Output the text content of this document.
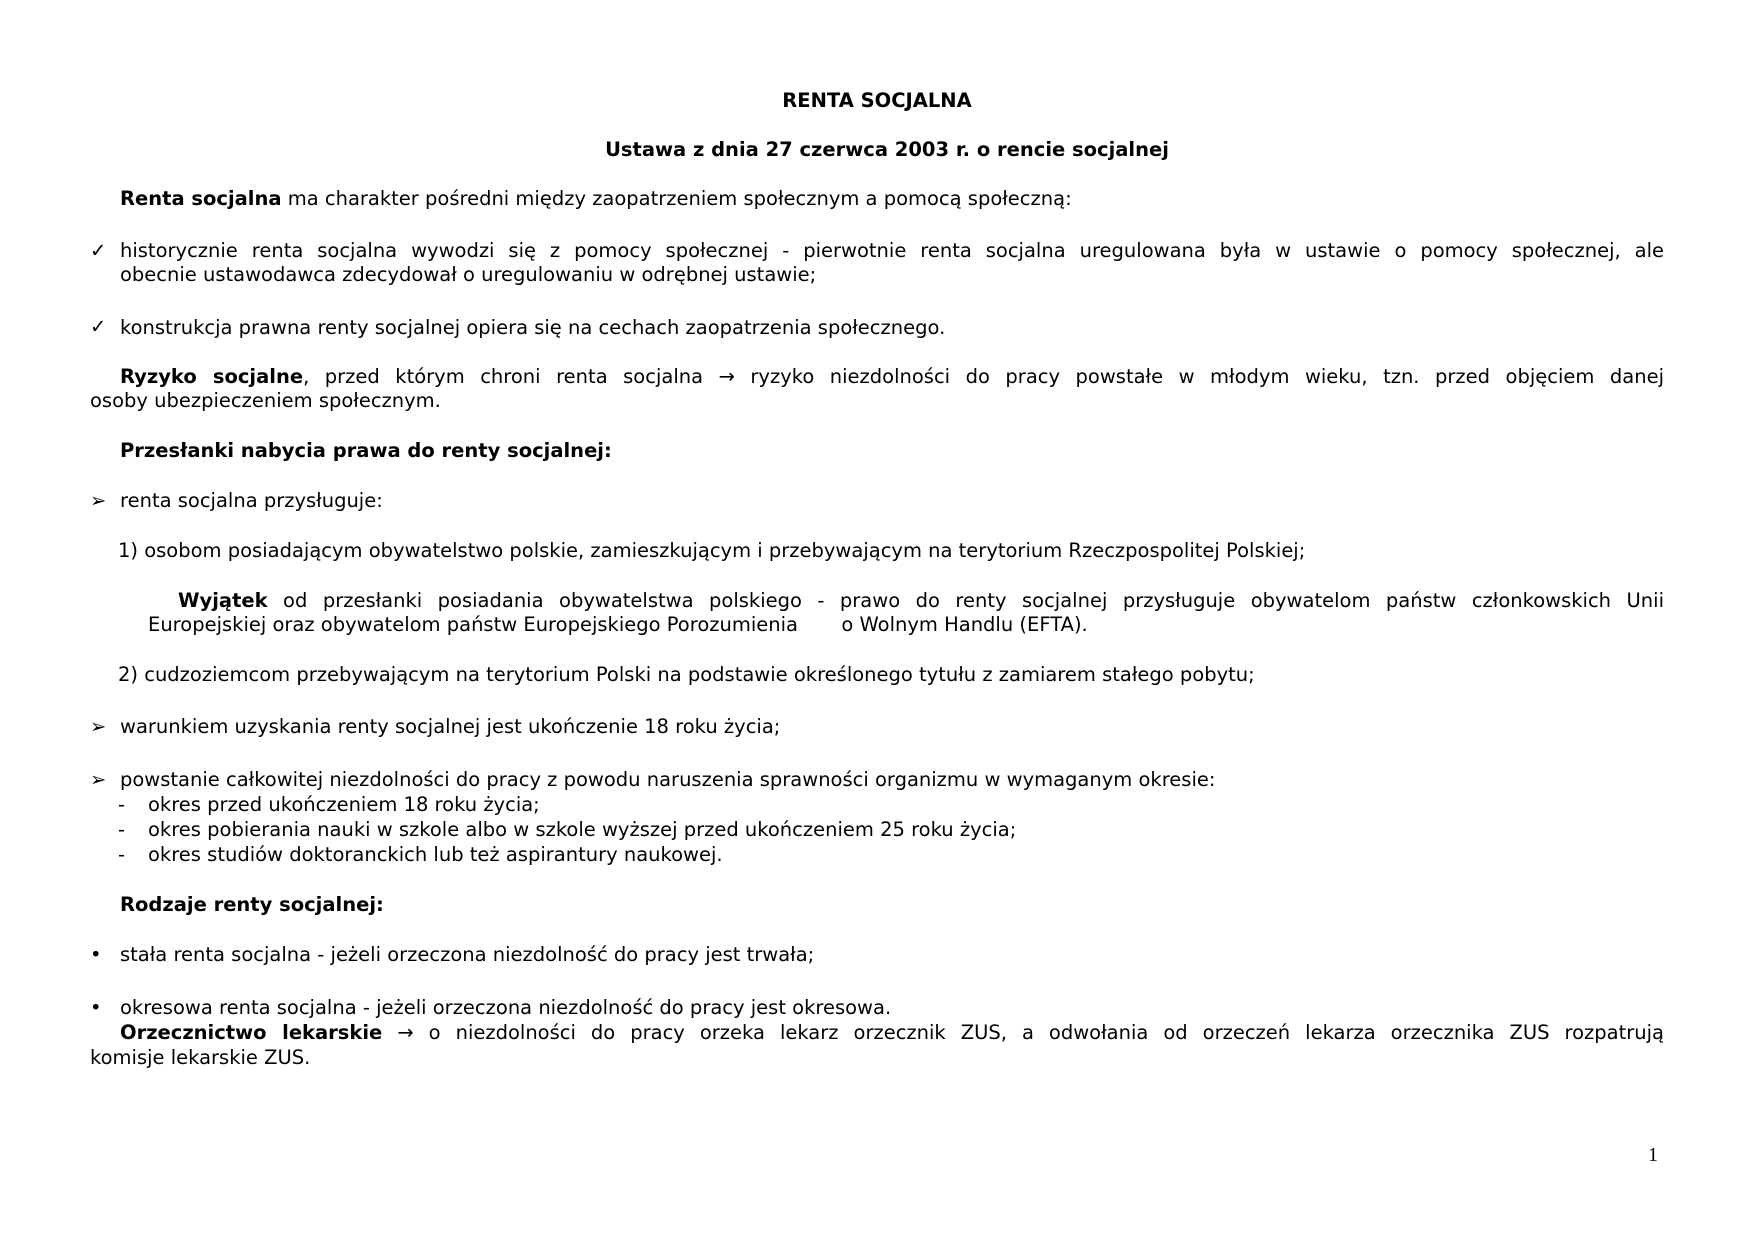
RENTA SOCJALNA
Ustawa z dnia 27 czerwca 2003 r. o rencie socjalnej
Renta socjalna ma charakter pośredni między zaopatrzeniem społecznym a pomocą społeczną:
✓ historycznie renta socjalna wywodzi się z pomocy społecznej - pierwotnie renta socjalna uregulowana była w ustawie o pomocy społecznej, ale
obecnie ustawodawca zdecydował o uregulowaniu w odrębnej ustawie;
✓ konstrukcja prawna renty socjalnej opiera się na cechach zaopatrzenia społecznego.
Ryzyko socjalne, przed którym chroni renta socjalna → ryzyko niezdolności do pracy powstałe w młodym wieku, tzn. przed objęciem danej
osoby ubezpieczeniem społecznym.
Przesłanki nabycia prawa do renty socjalnej:
➢ renta socjalna przysługuje:
1) osobom posiadającym obywatelstwo polskie, zamieszkującym i przebywającym na terytorium Rzeczpospolitej Polskiej;
Wyjątek od przesłanki posiadania obywatelstwa polskiego - prawo do renty socjalnej przysługuje obywatelom państw członkowskich Unii
Europejskiej oraz obywatelom państw Europejskiego Porozumienia       o Wolnym Handlu (EFTA).
2) cudzoziemcom przebywającym na terytorium Polski na podstawie określonego tytułu z zamiarem stałego pobytu;
➢ warunkiem uzyskania renty socjalnej jest ukończenie 18 roku życia;
➢ powstanie całkowitej niezdolności do pracy z powodu naruszenia sprawności organizmu w wymaganym okresie:
- okres przed ukończeniem 18 roku życia;
- okres pobierania nauki w szkole albo w szkole wyższej przed ukończeniem 25 roku życia;
- okres studiów doktoranckich lub też aspirantury naukowej.
Rodzaje renty socjalnej:
• stała renta socjalna - jeżeli orzeczona niezdolność do pracy jest trwała;
• okresowa renta socjalna - jeżeli orzeczona niezdolność do pracy jest okresowa.
Orzecznictwo lekarskie → o niezdolności do pracy orzeka lekarz orzecznik ZUS, a odwołania od orzeczeń lekarza orzecznika ZUS rozpatrują
komisje lekarskie ZUS.
1
